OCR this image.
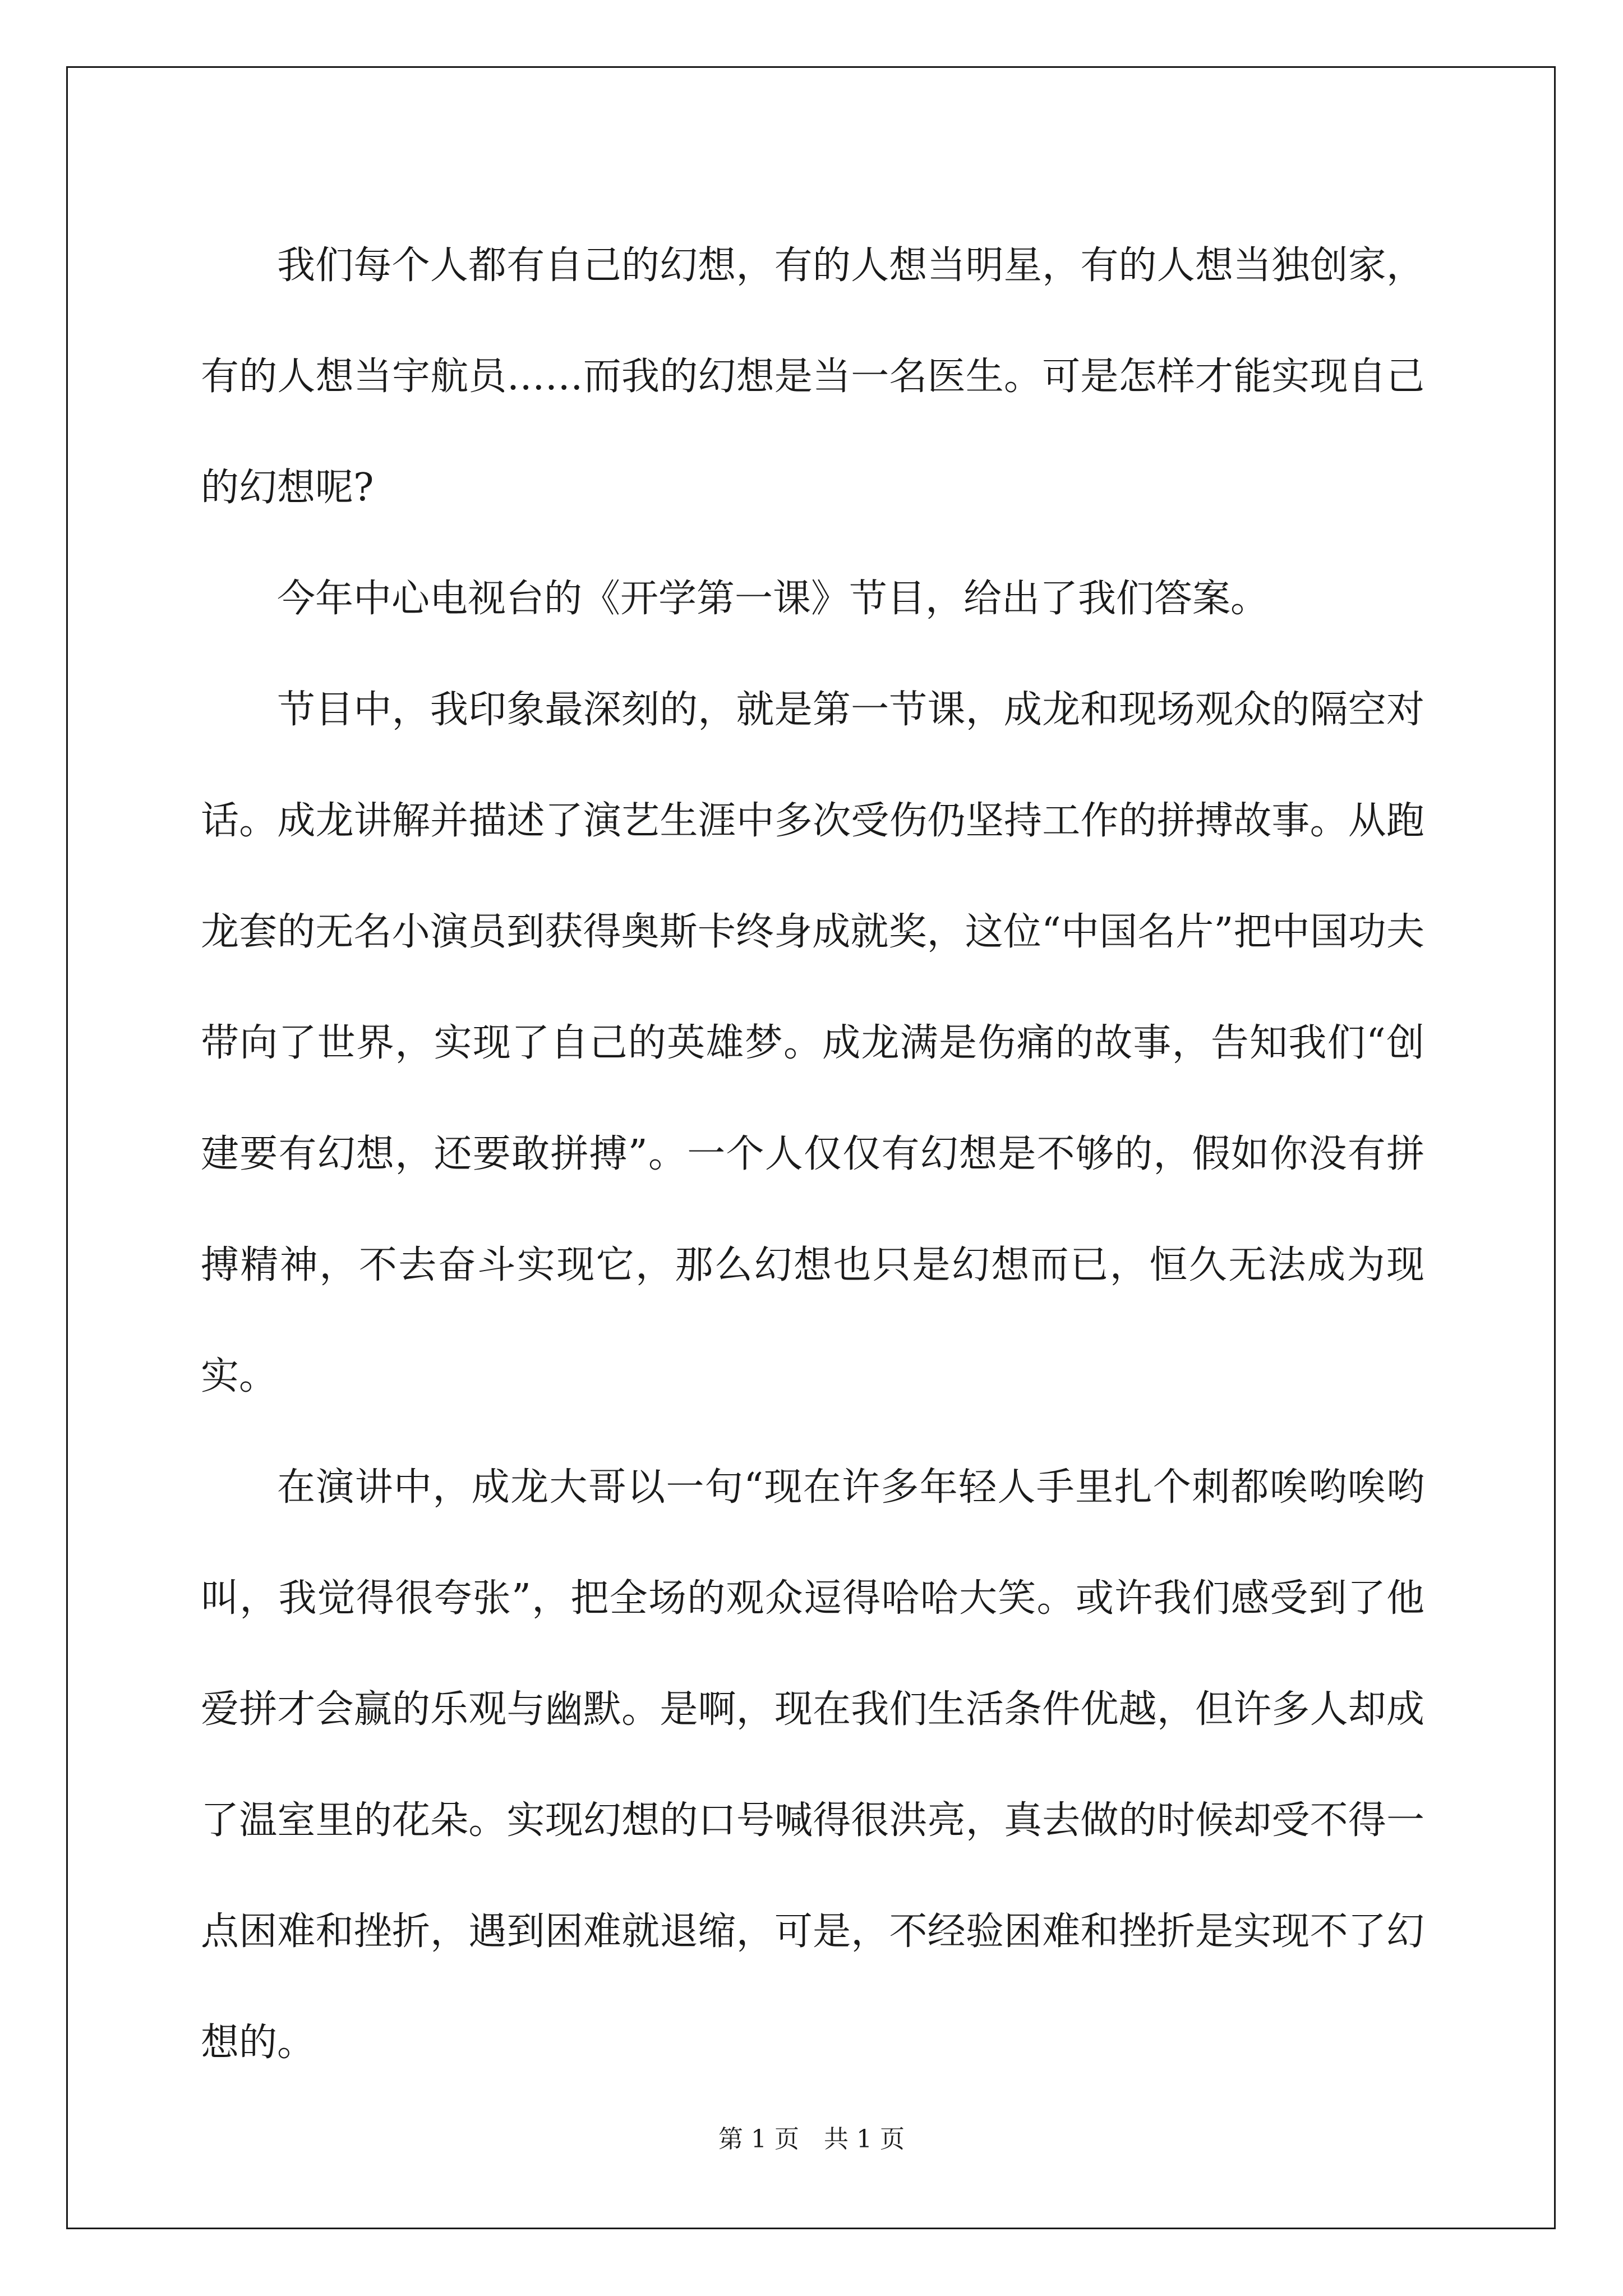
我们每个人都有自己的幻想，有的人想当明星，有的人想当独创家，有的人想当宇航员……而我的幻想是当一名医生。可是怎样才能实现自己的幻想呢?

今年中心电视台的《开学第一课》节目，给出了我们答案。

节目中，我印象最深刻的，就是第一节课，成龙和现场观众的隔空对话。成龙讲解并描述了演艺生涯中多次受伤仍坚持工作的拼搏故事。从跑龙套的无名小演员到获得奥斯卡终身成就奖，这位“中国名片”把中国功夫带向了世界，实现了自己的英雄梦。成龙满是伤痛的故事，告知我们“创建要有幻想，还要敢拼搏”。一个人仅仅有幻想是不够的，假如你没有拼搏精神，不去奋斗实现它，那么幻想也只是幻想而已，恒久无法成为现实。

在演讲中，成龙大哥以一句“现在许多年轻人手里扎个刺都唉哟唉哟叫，我觉得很夸张”，把全场的观众逗得哈哈大笑。或许我们感受到了他爱拼才会赢的乐观与幽默。是啊，现在我们生活条件优越，但许多人却成了温室里的花朵。实现幻想的口号喊得很洪亮，真去做的时候却受不得一点困难和挫折，遇到困难就退缩，可是，不经验困难和挫折是实现不了幻想的。

第 1 页　共 1 页
